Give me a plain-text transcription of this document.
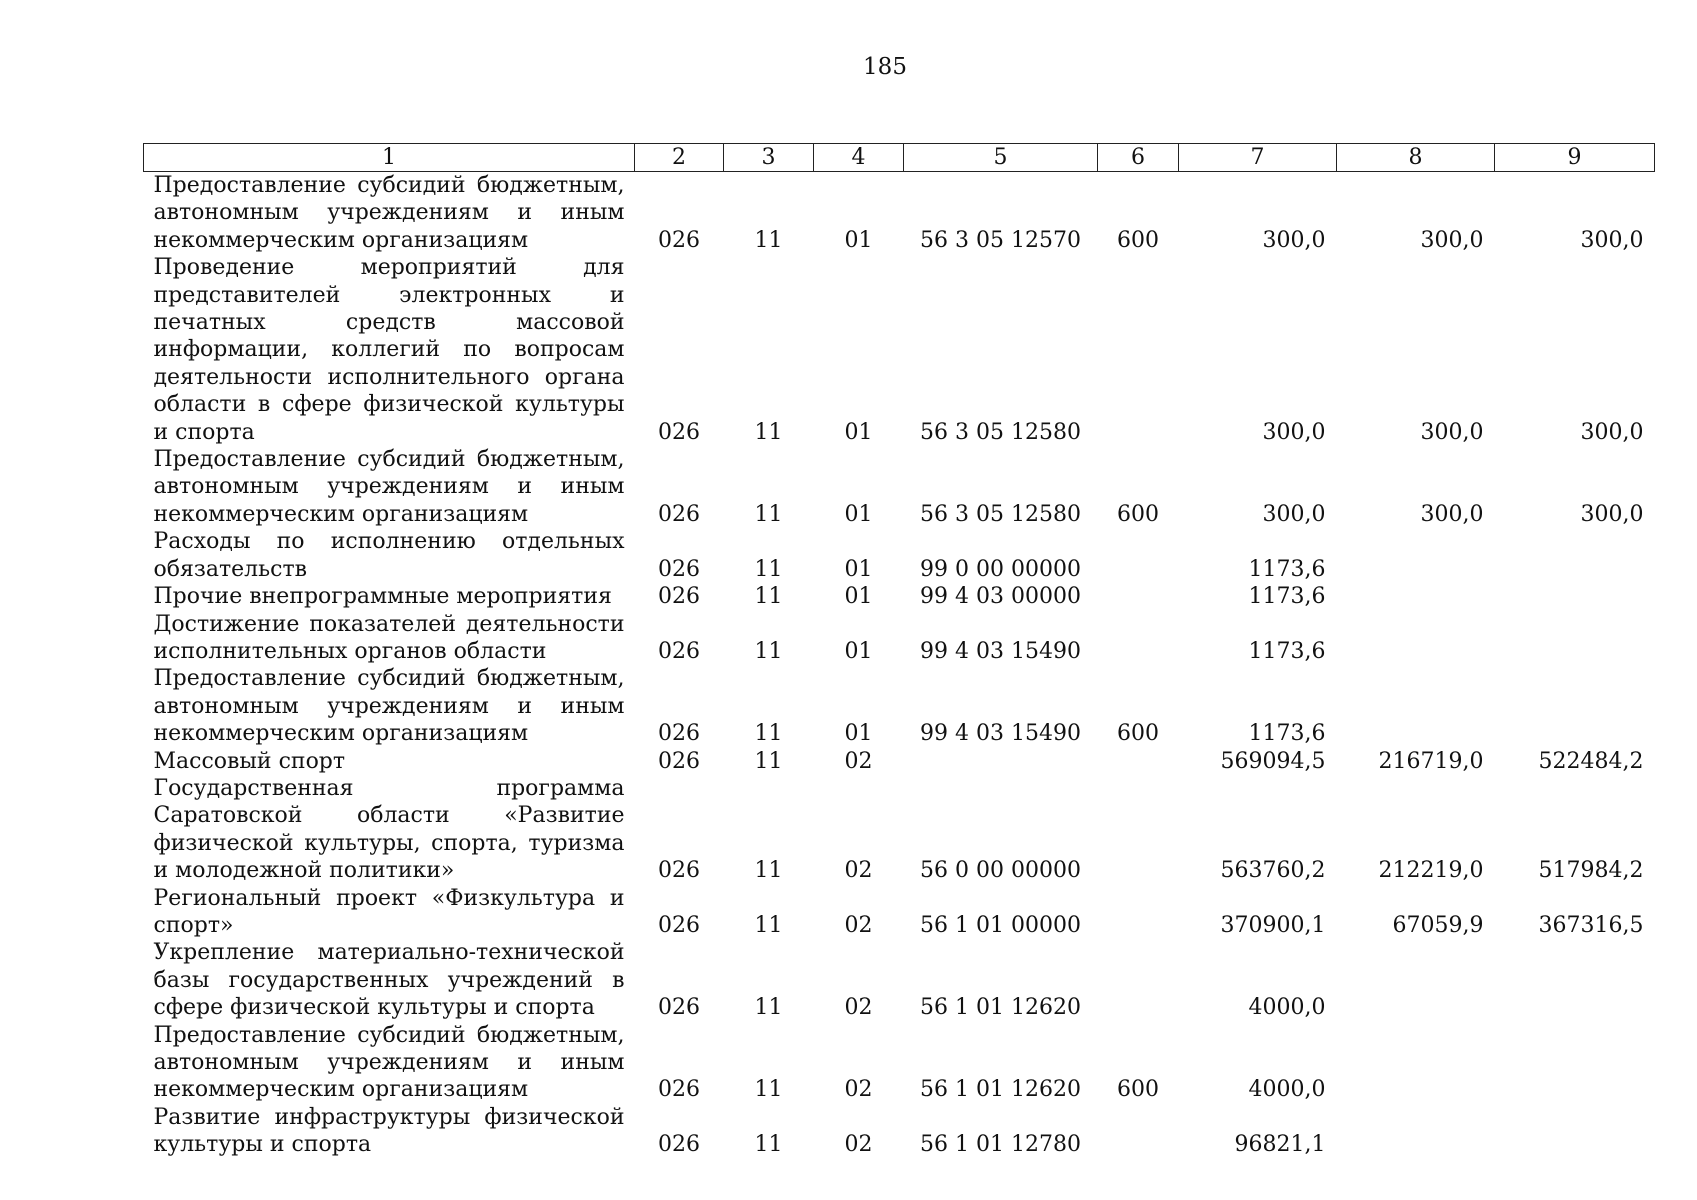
185
1	2	3	4	5	6	7	8	9
Предоставление субсидий бюджетным, автономным учреждениям и иным некоммерческим организациям	026	11	01	56 3 05 12570	600	300,0	300,0	300,0
Проведение мероприятий для представителей электронных и печатных средств массовой информации, коллегий по вопросам деятельности исполнительного органа области в сфере физической культуры и спорта	026	11	01	56 3 05 12580		300,0	300,0	300,0
Предоставление субсидий бюджетным, автономным учреждениям и иным некоммерческим организациям	026	11	01	56 3 05 12580	600	300,0	300,0	300,0
Расходы по исполнению отдельных обязательств	026	11	01	99 0 00 00000		1173,6		
Прочие внепрограммные мероприятия	026	11	01	99 4 03 00000		1173,6		
Достижение показателей деятельности исполнительных органов области	026	11	01	99 4 03 15490		1173,6		
Предоставление субсидий бюджетным, автономным учреждениям и иным некоммерческим организациям	026	11	01	99 4 03 15490	600	1173,6		
Массовый спорт	026	11	02			569094,5	216719,0	522484,2
Государственная программа Саратовской области «Развитие физической культуры, спорта, туризма и молодежной политики»	026	11	02	56 0 00 00000		563760,2	212219,0	517984,2
Региональный проект «Физкультура и спорт»	026	11	02	56 1 01 00000		370900,1	67059,9	367316,5
Укрепление материально-технической базы государственных учреждений в сфере физической культуры и спорта	026	11	02	56 1 01 12620		4000,0		
Предоставление субсидий бюджетным, автономным учреждениям и иным некоммерческим организациям	026	11	02	56 1 01 12620	600	4000,0		
Развитие инфраструктуры физической культуры и спорта	026	11	02	56 1 01 12780		96821,1		
